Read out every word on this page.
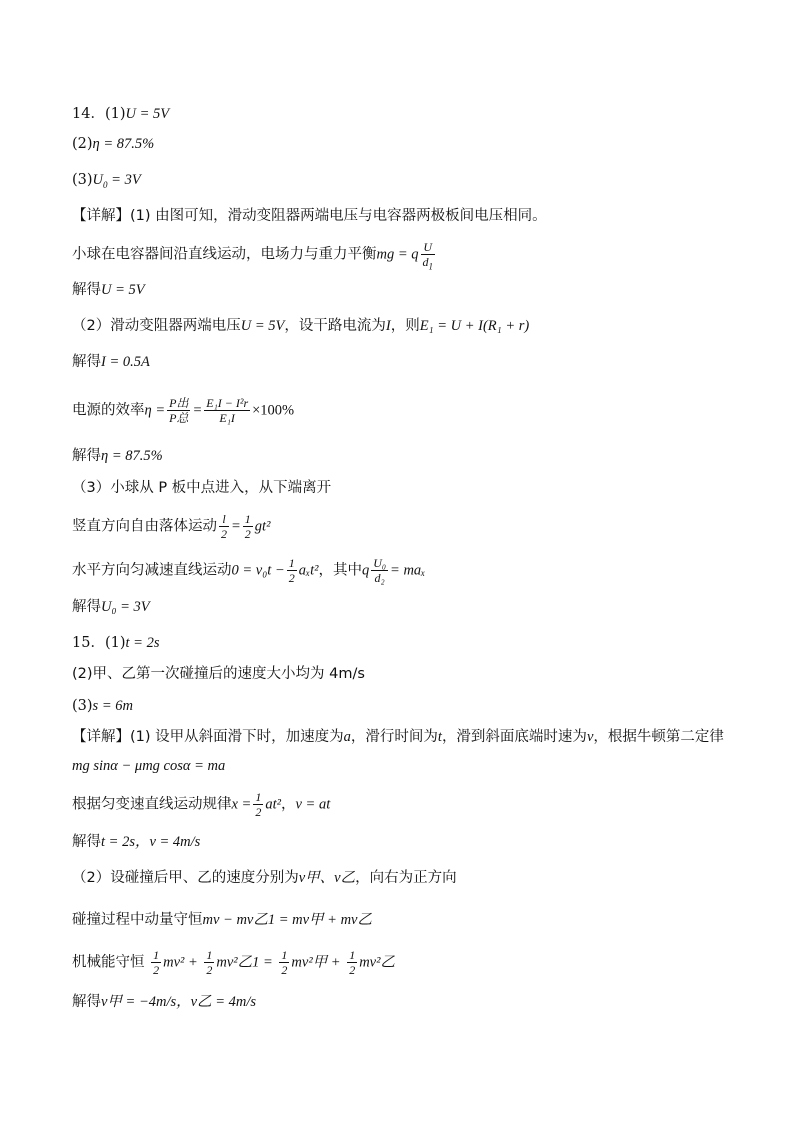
14．(1)U = 5V
(2)η = 87.5%
$(3)U_0 = 3V$
【详解】(1) 由图可知，滑动变阻器两端电压与电容器两极板间电压相同。
小球在电容器间沿直线运动，电场力与重力平衡mg = q $\frac{U}{d_1}$
解得U = 5V
（2）滑动变阻器两端电压U = 5V，设干路电流为I，则E₁ = U + I(R₁ + r)
解得I = 0.5A
电源的效率$\eta = \frac{\text{P出}}{\text{P总}} = \frac{\text{E₁I − I²r}}{\text{E₁I}} \times 100\%$
解得η = 87.5%
（3）小球从 P 板中点进入，从下端离开
竖直方向自由落体运动 $\frac{l}{2} = \frac{1}{2} gt^2$
水平方向匀减速直线运动$0 = v_0t - \frac{1}{2} a_xt^2$，其中q $\frac{\text{U₀}}{\text{d₂}} = ma_x$
解得U₀ = 3V
15．(1)t = 2s
(2)甲、乙第一次碰撞后的速度大小均为 4m/s
(3)s = 6m
【详解】(1) 设甲从斜面滑下时，加速度为a，滑行时间为t，滑到斜面底端时速为v，根据牛顿第二定律
mg sinα − μmg cosα = ma
根据匀变速直线运动规律$x = \frac{1}{2} at^2$，v = at
解得t = 2s，v = 4m/s
（2）设碰撞后甲、乙的速度分别为v甲、v乙，向右为正方向
碰撞过程中动量守恒mv − mv乙1 = mv甲 + mv乙
机械能守恒 $\frac{1}{2} mv^2 + \frac{1}{2} mv^2$乙$1 = \frac{1}{2} mv^2$甲 + $\frac{1}{2} mv^2$乙
解得v甲 = −4m/s，v乙 = 4m/s
